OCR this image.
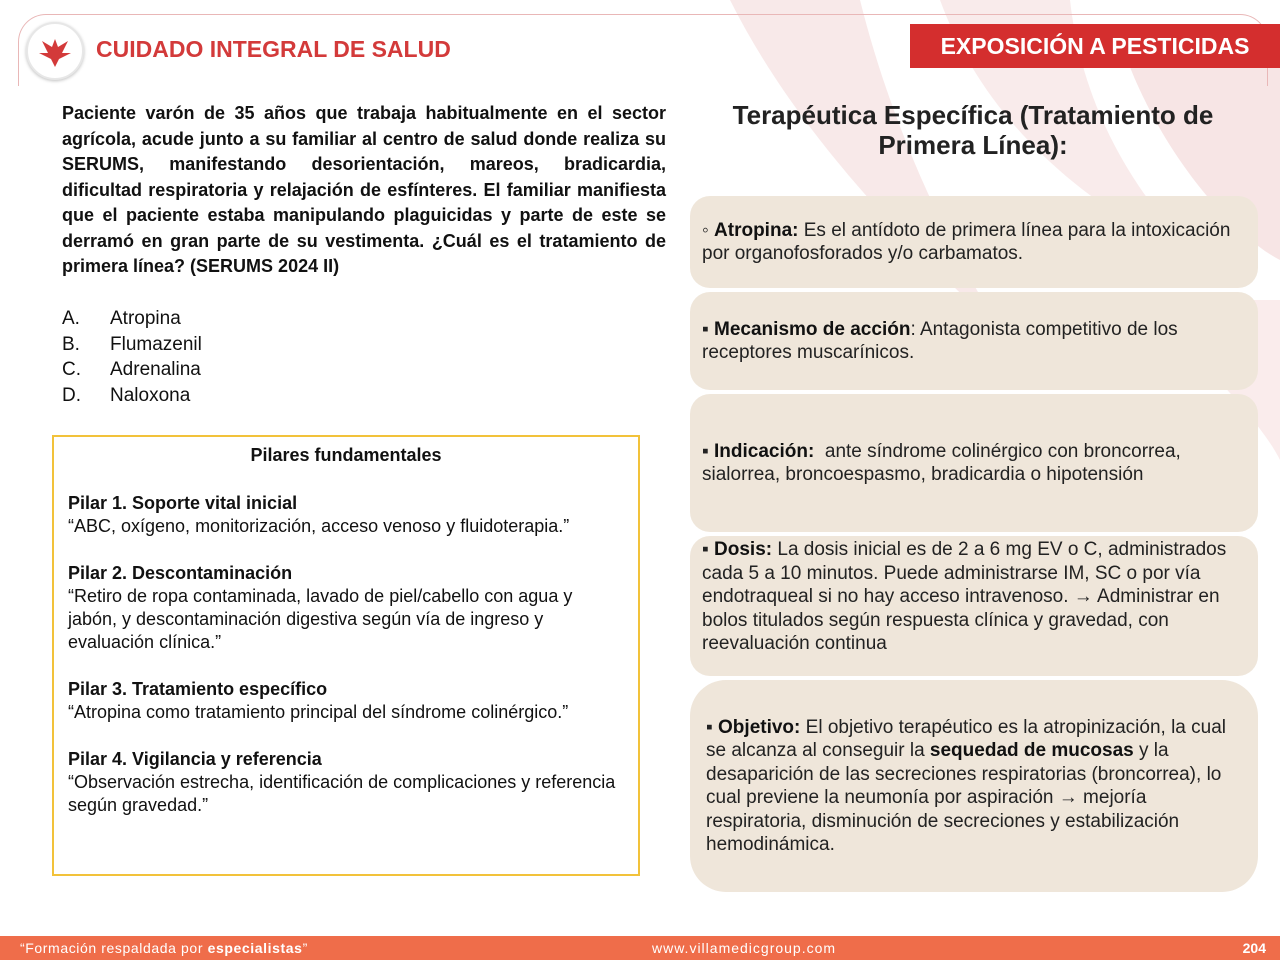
CUIDADO INTEGRAL DE SALUD	EXPOSICIÓN A PESTICIDAS
Paciente varón de 35 años que trabaja habitualmente en el sector agrícola, acude junto a su familiar al centro de salud donde realiza su SERUMS, manifestando desorientación, mareos, bradicardia, dificultad respiratoria y relajación de esfínteres. El familiar manifiesta que el paciente estaba manipulando plaguicidas y parte de este se derramó en gran parte de su vestimenta. ¿Cuál es el tratamiento de primera línea? (SERUMS 2024 II)
A.	Atropina
B.	Flumazenil
C.	Adrenalina
D.	Naloxona
Pilares fundamentales
Pilar 1. Soporte vital inicial
“ABC, oxígeno, monitorización, acceso venoso y fluidoterapia.”
Pilar 2. Descontaminación
“Retiro de ropa contaminada, lavado de piel/cabello con agua y jabón, y descontaminación digestiva según vía de ingreso y evaluación clínica.”
Pilar 3. Tratamiento específico
“Atropina como tratamiento principal del síndrome colinérgico.”
Pilar 4. Vigilancia y referencia
“Observación estrecha, identificación de complicaciones y referencia según gravedad.”
Terapéutica Específica (Tratamiento de Primera Línea):
◦ Atropina: Es el antídoto de primera línea para la intoxicación por organofosforados y/o carbamatos.
▪ Mecanismo de acción: Antagonista competitivo de los receptores muscarínicos.
▪ Indicación:  ante síndrome colinérgico con broncorrea, sialorrea, broncoespasmo, bradicardia o hipotensión
▪ Dosis: La dosis inicial es de 2 a 6 mg EV o C, administrados cada 5 a 10 minutos. Puede administrarse IM, SC o por vía endotraqueal si no hay acceso intravenoso. → Administrar en bolos titulados según respuesta clínica y gravedad, con reevaluación continua
▪ Objetivo: El objetivo terapéutico es la atropinización, la cual se alcanza al conseguir la sequedad de mucosas y la desaparición de las secreciones respiratorias (broncorrea), lo cual previene la neumonía por aspiración → mejoría respiratoria, disminución de secreciones y estabilización hemodinámica.
“Formación respaldada por especialistas”	www.villamedicgroup.com	204
